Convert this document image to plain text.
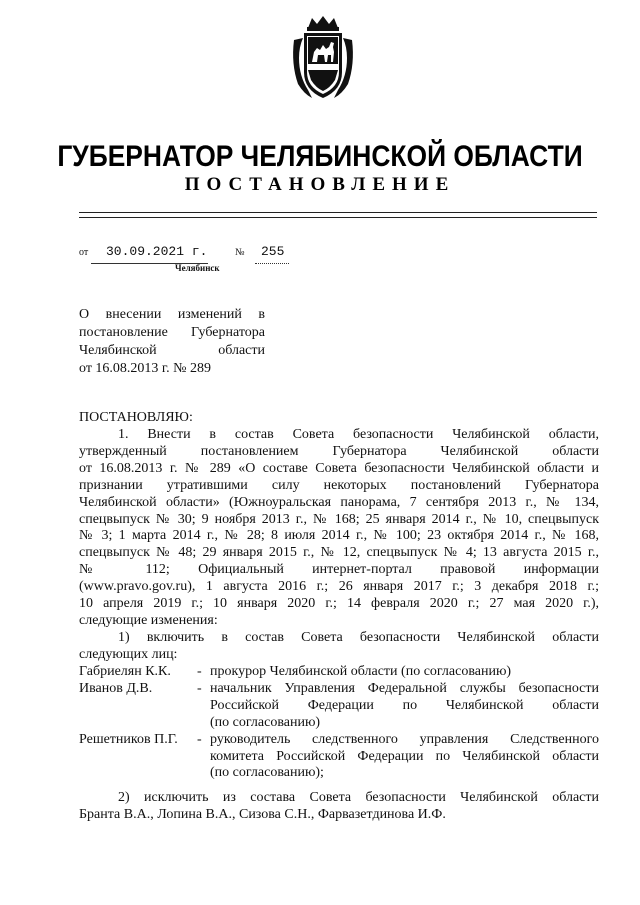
ГУБЕРНАТОР ЧЕЛЯБИНСКОЙ ОБЛАСТИ
ПОСТАНОВЛЕНИЕ
от 30.09.2021 г.	№ 255
Челябинск
О внесении изменений в
постановление Губернатора
Челябинской области
от 16.08.2013 г. № 289
ПОСТАНОВЛЯЮ:
1. Внести в состав Совета безопасности Челябинской области,
утвержденный постановлением Губернатора Челябинской области
от 16.08.2013 г. № 289 «О составе Совета безопасности Челябинской области и
признании утратившими силу некоторых постановлений Губернатора
Челябинской области» (Южноуральская панорама, 7 сентября 2013 г., № 134,
спецвыпуск № 30; 9 ноября 2013 г., № 168; 25 января 2014 г., № 10, спецвыпуск
№ 3; 1 марта 2014 г., № 28; 8 июля 2014 г., № 100; 23 октября 2014 г., № 168,
спецвыпуск № 48; 29 января 2015 г., № 12, спецвыпуск № 4; 13 августа 2015 г.,
№ 112; Официальный интернет-портал правовой информации
(www.pravo.gov.ru), 1 августа 2016 г.; 26 января 2017 г.; 3 декабря 2018 г.;
10 апреля 2019 г.; 10 января 2020 г.; 14 февраля 2020 г.; 27 мая 2020 г.),
следующие изменения:
1) включить в состав Совета безопасности Челябинской области
следующих лиц:
Габриелян К.К. - прокурор Челябинской области (по согласованию)
Иванов Д.В.	- начальник Управления Федеральной службы безопасности
Российской Федерации по Челябинской области
(по согласованию)
Решетников П.Г. - руководитель следственного управления Следственного
комитета Российской Федерации по Челябинской области
(по согласованию);
2) исключить из состава Совета безопасности Челябинской области
Бранта В.А., Лопина В.А., Сизова С.Н., Фарвазетдинова И.Ф.
